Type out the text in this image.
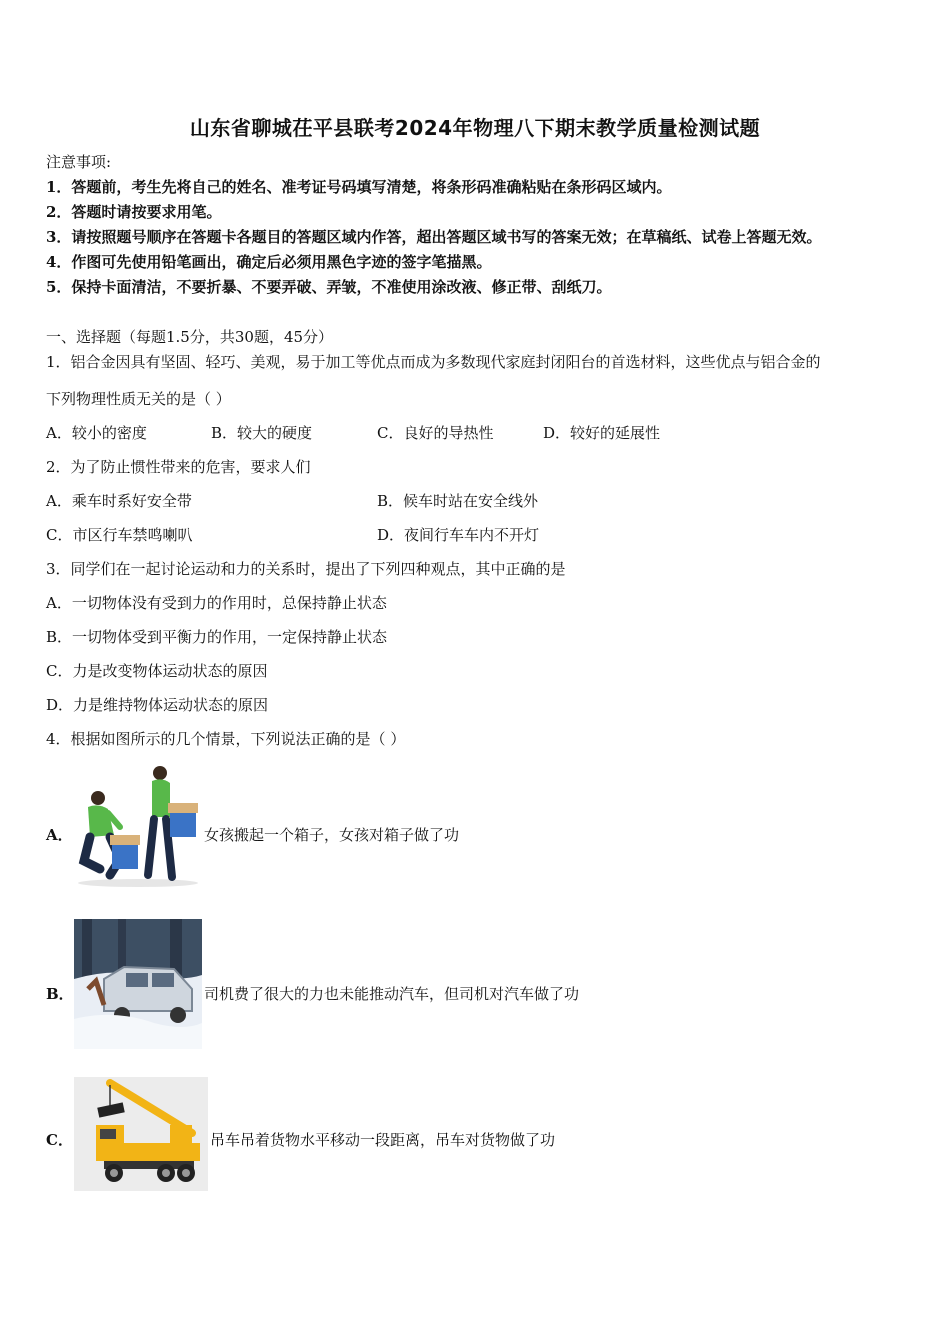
山东省聊城茌平县联考2024年物理八下期末教学质量检测试题
注意事项:
1．答题前，考生先将自己的姓名、准考证号码填写清楚，将条形码准确粘贴在条形码区域内。
2．答题时请按要求用笔。
3．请按照题号顺序在答题卡各题目的答题区域内作答，超出答题区域书写的答案无效；在草稿纸、试卷上答题无效。
4．作图可先使用铅笔画出，确定后必须用黑色字迹的签字笔描黑。
5．保持卡面清洁，不要折暴、不要弄破、弄皱，不准使用涂改液、修正带、刮纸刀。
一、选择题（每题1.5分，共30题，45分）
1．铝合金因具有坚固、轻巧、美观，易于加工等优点而成为多数现代家庭封闭阳台的首选材料，这些优点与铝合金的
下列物理性质无关的是（ ）
A．较小的密度	B．较大的硬度	C．良好的导热性	D．较好的延展性
2．为了防止惯性带来的危害，要求人们
A．乘车时系好安全带	B．候车时站在安全线外
C．市区行车禁鸣喇叭	D．夜间行车车内不开灯
3．同学们在一起讨论运动和力的关系时，提出了下列四种观点，其中正确的是
A．一切物体没有受到力的作用时，总保持静止状态
B．一切物体受到平衡力的作用，一定保持静止状态
C．力是改变物体运动状态的原因
D．力是维持物体运动状态的原因
4．根据如图所示的几个情景，下列说法正确的是（ ）
A．	女孩搬起一个箱子，女孩对箱子做了功
B．	司机费了很大的力也未能推动汽车，但司机对汽车做了功
C．	吊车吊着货物水平移动一段距离，吊车对货物做了功
